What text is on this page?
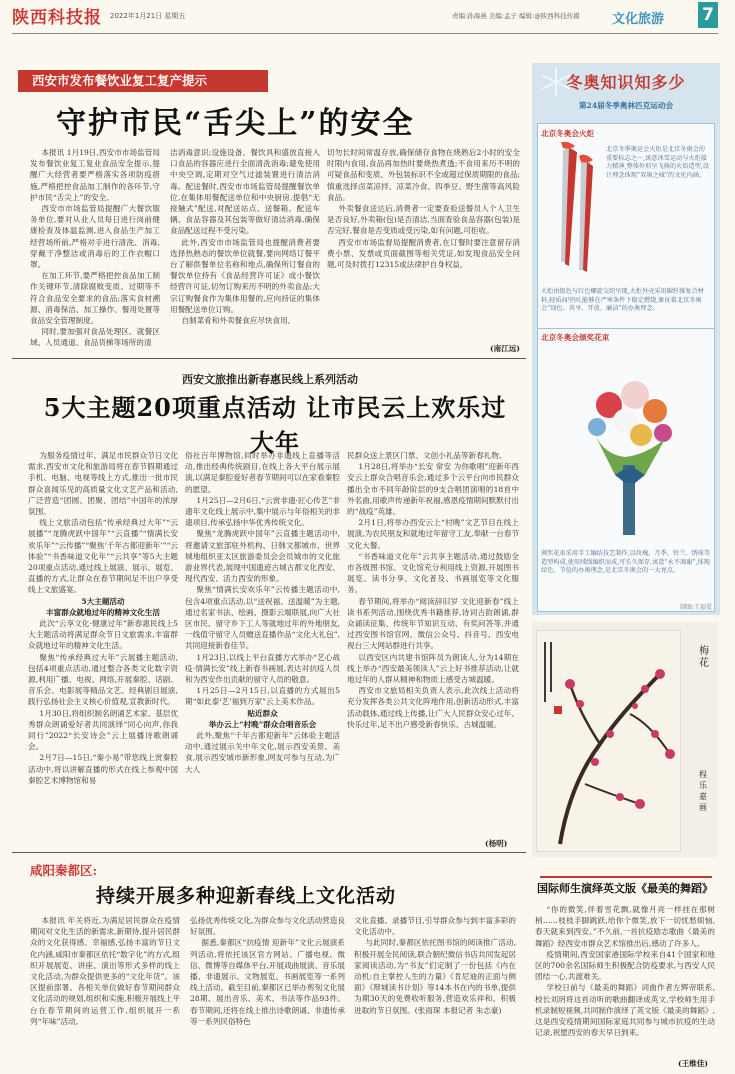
陕西科技报 2022年1月21日 星期五	责编:孙海燕 美编:孟子 编辑:@陕西科技传媒 文化旅游 7
西安市发布餐饮业复工复产提示
守护市民“舌尖上”的安全

本报讯 1月19日,西安市市场监管局发布餐饮业复工复业食品安全提示,提醒广大经营者要严格落实各项防疫措施,严格把控食品加工制作的各环节,守护市民“舌尖上”的安全。

西安市市场监管局提醒广大餐饮服务单位,要对从业人员每日进行岗前健康检查及体温监测,进入食品生产加工经营场所前,严格对手进行清洗、消毒,穿戴干净整洁或消毒后的工作衣帽口罩。

在加工环节,要严格把控食品加工制作关键环节,清除腐败变质、过期等不符合食品安全要求的食品;落实食材溯源、消毒保洁、加工操作、餐用处置等食品安全管理制度。

同时,要加强对食品处理区、就餐区域、人员通道、食品货梯等场所的清

洁消毒意识;设施设备、餐饮具和盛放直接入口食品的容器应进行全面清洗消毒;避免使用中央空调,定期对空气过滤装置进行清洁消毒。配送餐时,西安市市场监管局提醒餐饮单位,在集体用餐配送单位和中央厨房,提倡“无接触式”配送,对配送站点、送餐箱、配送车辆、食品容器及其包装等做好清洁消毒,确保食品配送过程不受污染。

此外,西安市市场监管局也提醒消费者要选择热熟态的餐饮单位就餐,要向网络订餐平台了解供餐单位名称和地点,确保所订餐食的餐饮单位持有《食品经营许可证》或小餐饮经营许可证,切勿订购来历不明的外卖食品;大宗订购餐食作为集体用餐的,应向持证的集体用餐配送单位订购。

自制菜肴和外卖餐食应尽快食用,

切勿长时间常温存放,确保储存食物在烧熟后2小时的安全时限内食用,食品再加热时要烧热煮透;不食用来历不明的可疑食品和变质、外包装标识不全或超过保质期限的食品;慎重选择卤菜凉拌、凉菜冷食、四季豆、野生菌等高风险食品。

外卖餐食送达后,消费者一定要查验送餐员人个人卫生是否良好,外卖箱(包)是否清洁,当面查验食品容器(包装)是否完好,餐食是否变质或受污染,如有问题,可拒收。

西安市市场监督局提醒消费者,在订餐时要注意留存消费小票、发票或页面截图等相关凭证,如发现食品安全问题,可及时拨打12315或法律护自身权益。

(南江远)
西安文旅推出新春惠民线上系列活动
5大主题20项重点活动 让市民云上欢乐过大年

为服务疫情过年、满足市民群众节日文化需求,西安市文化和旅游局将在春节假期通过手机、电脑、电视等线上方式,推出一批市民群众喜闻乐见的高质量文化文艺产品和活动,广泛营造“团圆、团聚、团结”中国年的浓厚氛围。

线上文旅活动包括“传承经典过大年”“云展播”“龙腾虎跃中国年”“云直播”“情满长安欢乐年”“云传播”“聚焦‘千年古都迎新年’”“云体验”“书香味道文化年”“云共享”等5大主题20项重点活动,通过线上展演、展示、展览、直播的方式,让群众在春节期间足不出户享受线上文旅盛宴。

5大主题活动

丰富群众就地过年的精神文化生活

此次“云享文化·健康过年”新春惠民线上5大主题活动将满足群众节日文旅需求,丰富群众就地过年的精神文化生活。

聚焦“传承经典过大年”云展播主题活动,包括4项重点活动,通过整合各类文化数字资源,利用广播、电视、网络,开展秦腔、话剧、音乐会、电影展等精品文艺、经典剧目展演,践行弘扬社会主义核心价值观,宣教新时代。

1月30日,将组织制名朗诵艺术家、基层优秀群众朗诵爱好者共同演绎“同心向声,你我同行”2022“长安诗会”云上展播诗歌朗诵会。

2月7日—15日,“秦小易”带您线上赏秦腔活动中,将以讲解直播的形式在线上参观中国秦腔艺术博物馆和易

俗社百年博物馆,同时举办非遗线上直播等活动,推出经典传统剧目,在线上各大平台展示展演,以满足秦腔爱好者春节期间可以在家看秦腔的愿望。

1月25日—2月6日,“云赏非遗·匠心传艺”非遗年文化线上展示中,集中展示与年俗相关的非遗项目,传承弘扬中华优秀传统文化。

聚焦“龙腾虎跃中国年”云直播主题活动中,将邀请文旅部驻外机构、日韩文都城市、世界城地组织亚太区旅游委员会会员城市的文化旅游业界代表,展现中国遗迹古城古都文化西安、现代西安、活力西安的形象。

聚焦“情满长安欢乐年”云传播主题活动中,包含4项重点活动,以“送祝福、送温暖”为主题,通过名家书法、绘画、摄影云端联展,向广大社区市民、留守乡下工人等就地过年的外地朋友,一线值守留守人员赠送直播作品“文化大礼包”,共同迎接新春佳节。

1月23日,以线上平台直播方式举办“艺心战疫·情满长安”线上新春书画展,表达对抗疫人员和为西安作出贡献的留守人员的敬意。

1月25日—2月15日,以直播的方式展出5期“如此泰‘艺’福到万家”云上美术作品。

贴近群众

举办云上“村晚”群众合唱音乐会

此外,聚焦“千年古都迎新年”云体验主题活动中,通过展示关中年文化,展示西安美景、美食,展示西安城市新形象,网友可参与互动,为广大人

民群众送上景区门票、文创小礼品等新春礼物。

1月28日,将举办“长安 常安 为你歌唱”迎新年西安云上群众合唱音乐会,通过多个云平台向市民群众播出全市不同年龄阶层的9支合唱团演唱的18首中外名曲,用歌声传递新年祝福,感恩疫情期间默默付出的“战疫”英雄。

2月1日,将举办西安云上“村晚”文艺节目在线上展演,为农民朋友和就地过年留守工友,奉献一台春节文化大餐。

“书香味道文化年”云共享主题活动,通过鼓励全市各级图书馆、文化馆充分利用线上资源,开展图书展览、读书分享、文化普及、书画展览等文化服务。

春节期间,将举办“阅读辞旧岁 文化迎新春”线上读书系列活动,围绕优秀书籍推荐,诗词古韵朗诵,群众诵读征集、传统年节知识互动、有奖问答等,并通过西安图书馆官网、微信公众号、抖音号、西安电视台三大网站群进行共享。

以西安区内共建书馆阵员为朗读人,分为14期在线上举办“西安最美领读人”云上好书推荐活动,让就地过年的人群从精神和物质上感受古城温暖。

西安市文旅局相关负责人表示,此次线上活动将充分发挥各类公共文化阵地作用,创新活动形式,丰富活动载体,通过线上传播,让广大人民群众安心过年、快乐过年,足不出户感受新春快乐、古城温暖。

(杨明)
咸阳秦都区:
持续开展多种迎新春线上文化活动

本报讯 年关将近,为满足居民群众在疫情期间对文化生活的新需求,新期待,提升居民群众的文化获得感、幸福感,弘扬丰富的节日文化内涵,咸阳市秦都区依托“数字化”的方式,组织开展展览、讲座、演出等形式多样的线上文化活动,为群众提供更多的“文化年货”。该区提前部署、各相关单位做好春节期间群众文化活动的规划,组织和实施,积极开展线上平台在春节期间的运营工作,组织展开一系列“年味”活动,

弘扬优秀传统文化,为群众参与文化活动营造良好氛围。

据悉,秦都区“抗疫情 迎新年”文化云展演系列活动,将依托该区官方网站、广播电视、微信、微博等自媒体平台,开展戏曲展演、音乐展播、非遗展示、文物展览、书画展览等一系列线上活动。截至目前,秦都区已举办剪刻文化展28期、展出音乐、美术、书法等作品93件。春节期间,还将在线上推出诗歌朗诵、非遗传承等一系列民俗特色

文化直播、录播节目,引导群众参与到丰富多彩的文化活动中。

与此同时,秦都区依托图书馆的阅读推广活动,积极开展全民阅读,联合朝纪微信书店共同发起居家阅读活动,为“书友”们定制了一份包括《内在动机:自主掌控人生的力量》《肯尼迪的正面与侧面》《辩城读书计划》等14本书在内的书单,提供为期30天的免费收听服务,营造欢乐祥和、积极进取的节日氛围。(张雨琛 本报记者 朱志豪)

冬奥知识知多少
第24届冬季奥林匹克运动会
北京冬奥会火炬
北京冬季奥运会火炬是北京冬奥会的重要标志之一,寓意冰雪运动与火炬接力精神,整体外形呈飞扬的火焰造型,设计理念体现“双奥之城”的文化内涵。
火炬由银色与红色螺旋交织呈现,火炬外壳采用碳纤维复合材料,轻质而坚固,能够在严寒条件下稳定燃烧,象征着北京冬奥会“绿色、共享、开放、廉洁”的办奥理念。
北京冬奥会颁奖花束
颁奖花束采用手工编结技艺制作,以玫瑰、月季、铃兰、绣球等造型构成,使用绒线编织而成,可长久保存,寓意“永不凋谢”,体现绿色、节俭的办奥理念,是北京冬奥会的一大亮点。
制图:王福爱
梅花
程乐嘉 画
国际师生演绎英文版《最美的舞蹈》

“你的微笑,伴着雪花飘,就像月亮一样挂在那树梢……枝枝手脚跳跃,给你个微笑,放下一切忧愁烦恼,春天就来到西安。”不久前,一首抗疫励志歌曲《最美的舞蹈》经西安市群众艺术馆推出后,感动了许多人。

疫情期间,西安国家港国际学校来自41个国家和地区的700余名国际师生积极配合防疫要求,与西安人民团结一心,共渡难关。

学校日前与《最美的舞蹈》词曲作者左辉帝联系,校长刘玥将这首动听的歌曲翻译成英文,学校师生用手机录制短视频,共同制作演绎了英文版《最美的舞蹈》,这是西安疫情期间国际家庭共同参与城市抗疫的生动记录,祝愿西安的春天早日到来。

(王维佳)
